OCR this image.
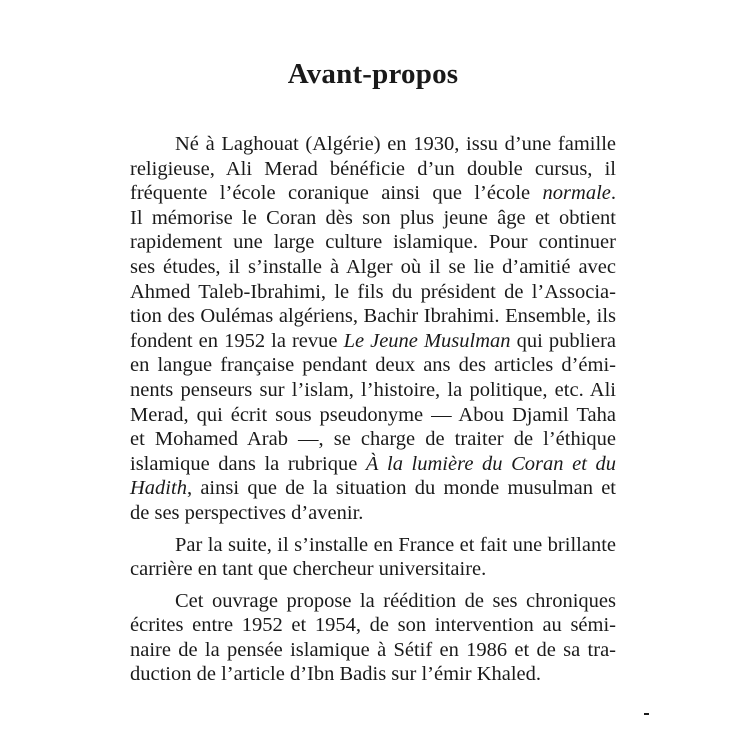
Avant-propos
Né à Laghouat (Algérie) en 1930, issu d’une famille
religieuse, Ali Merad bénéficie d’un double cursus, il
fréquente l’école coranique ainsi que l’école normale.
Il mémorise le Coran dès son plus jeune âge et obtient
rapidement une large culture islamique. Pour continuer
ses études, il s’installe à Alger où il se lie d’amitié avec
Ahmed Taleb-Ibrahimi, le fils du président de l’Associa-
tion des Oulémas algériens, Bachir Ibrahimi. Ensemble, ils
fondent en 1952 la revue Le Jeune Musulman qui publiera
en langue française pendant deux ans des articles d’émi-
nents penseurs sur l’islam, l’histoire, la politique, etc. Ali
Merad, qui écrit sous pseudonyme — Abou Djamil Taha
et Mohamed Arab —, se charge de traiter de l’éthique
islamique dans la rubrique À la lumière du Coran et du
Hadith, ainsi que de la situation du monde musulman et
de ses perspectives d’avenir.
Par la suite, il s’installe en France et fait une brillante
carrière en tant que chercheur universitaire.
Cet ouvrage propose la réédition de ses chroniques
écrites entre 1952 et 1954, de son intervention au sémi-
naire de la pensée islamique à Sétif en 1986 et de sa tra-
duction de l’article d’Ibn Badis sur l’émir Khaled.
